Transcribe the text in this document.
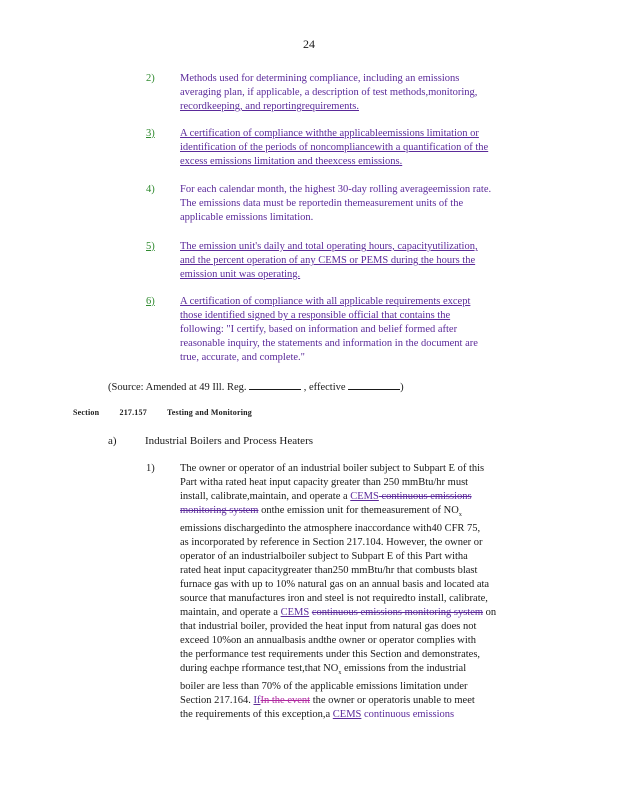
24
2) Methods used for determining compliance, including an emissions
averaging plan, if applicable, a description of test methods,monitoring,
recordkeeping, and reportingrequirements.
3) A certification of compliance withthe applicableemissions limitation or
identification of the periods of noncompliancewith a quantification of the
excess emissions limitation and theexcess emissions.
4) For each calendar month, the highest 30-day rolling averageemission rate.
The emissions data must be reportedin themeasurement units of the
applicable emissions limitation.
5) The emission unit's daily and total operating hours, capacityutilization,
and the percent operation of any CEMS or PEMS during the hours the
emission unit was operating.
6) A certification of compliance with all applicable requirements except
those identified signed by a responsible official that contains the
following: "I certify, based on information and belief formed after
reasonable inquiry, the statements and information in the document are
true, accurate, and complete."
(Source: Amended at 49 Ill. Reg.	, effective	)
Section	217.157	Testing and Monitoring
a)	Industrial Boilers and Process Heaters
1) The owner or operator of an industrial boiler subject to Subpart E of this
Part witha rated heat input capacity greater than 250 mmBtu/hr must
install, calibrate,maintain, and operate a CEMS continuous emissions
monitoring system onthe emission unit for themeasurement of $NO_x$
emissions dischargedinto the atmosphere inaccordance with40 CFR 75,
as incorporated by reference in Section 217.104. However, the owner or
operator of an industrialboiler subject to Subpart E of this Part witha
rated heat input capacitygreater than250 mmBtu/hr that combusts blast
furnace gas with up to 10% natural gas on an annual basis and located ata
source that manufactures iron and steel is not requiredto install, calibrate,
maintain, and operate a CEMS continuous emissions monitoring system on
that industrial boiler, provided the heat input from natural gas does not
exceed 10%on an annualbasis andthe owner or operator complies with
the performance test requirements under this Section and demonstrates,
during eachpe rformance test,that $NO_x$ emissions from the industrial
boiler are less than 70% of the applicable emissions limitation under
Section 217.164. IfIn the event the owner or operatoris unable to meet
the requirements of this exception,a CEMS continuous emissions
